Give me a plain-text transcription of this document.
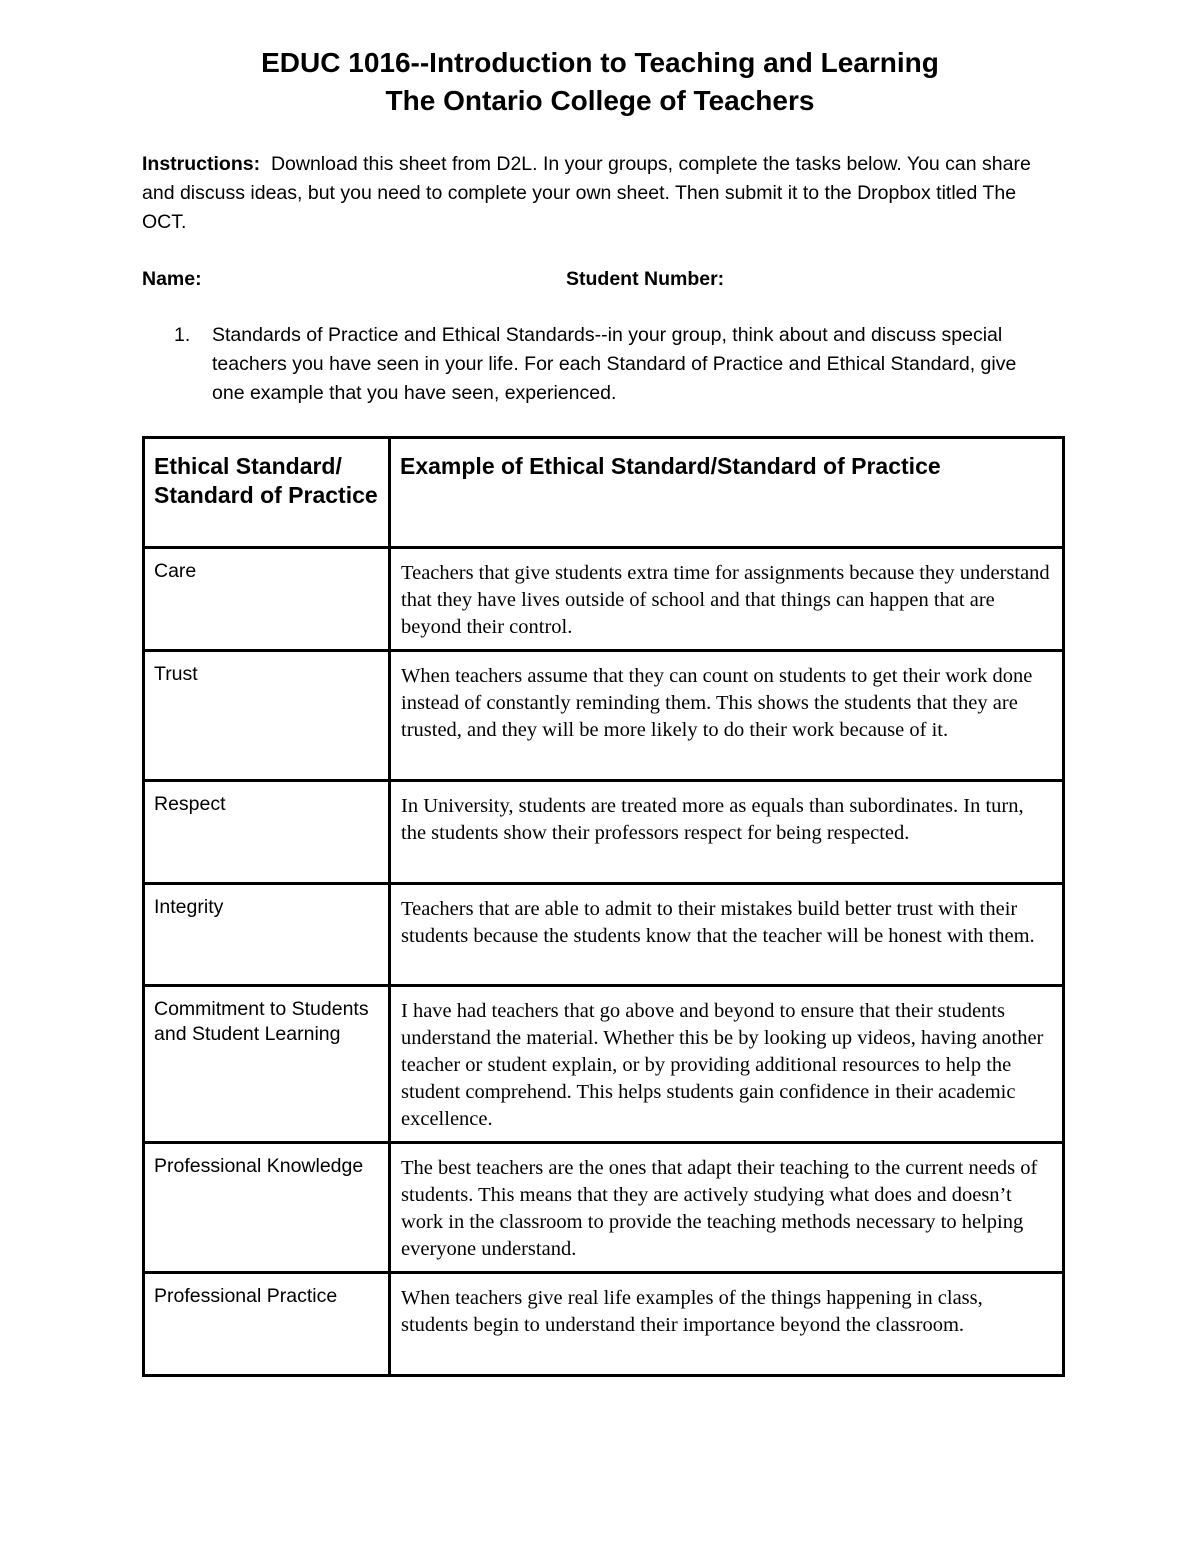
EDUC 1016--Introduction to Teaching and Learning
The Ontario College of Teachers
Instructions: Download this sheet from D2L. In your groups, complete the tasks below. You can share and discuss ideas, but you need to complete your own sheet. Then submit it to the Dropbox titled The OCT.
Name:	Student Number:
1. Standards of Practice and Ethical Standards--in your group, think about and discuss special teachers you have seen in your life. For each Standard of Practice and Ethical Standard, give one example that you have seen, experienced.
Ethical Standard/ Standard of Practice	Example of Ethical Standard/Standard of Practice
Care	Teachers that give students extra time for assignments because they understand that they have lives outside of school and that things can happen that are beyond their control.
Trust	When teachers assume that they can count on students to get their work done instead of constantly reminding them. This shows the students that they are trusted, and they will be more likely to do their work because of it.
Respect	In University, students are treated more as equals than subordinates. In turn, the students show their professors respect for being respected.
Integrity	Teachers that are able to admit to their mistakes build better trust with their students because the students know that the teacher will be honest with them.
Commitment to Students and Student Learning	I have had teachers that go above and beyond to ensure that their students understand the material. Whether this be by looking up videos, having another teacher or student explain, or by providing additional resources to help the student comprehend. This helps students gain confidence in their academic excellence.
Professional Knowledge	The best teachers are the ones that adapt their teaching to the current needs of students. This means that they are actively studying what does and doesn’t work in the classroom to provide the teaching methods necessary to helping everyone understand.
Professional Practice	When teachers give real life examples of the things happening in class, students begin to understand their importance beyond the classroom.
